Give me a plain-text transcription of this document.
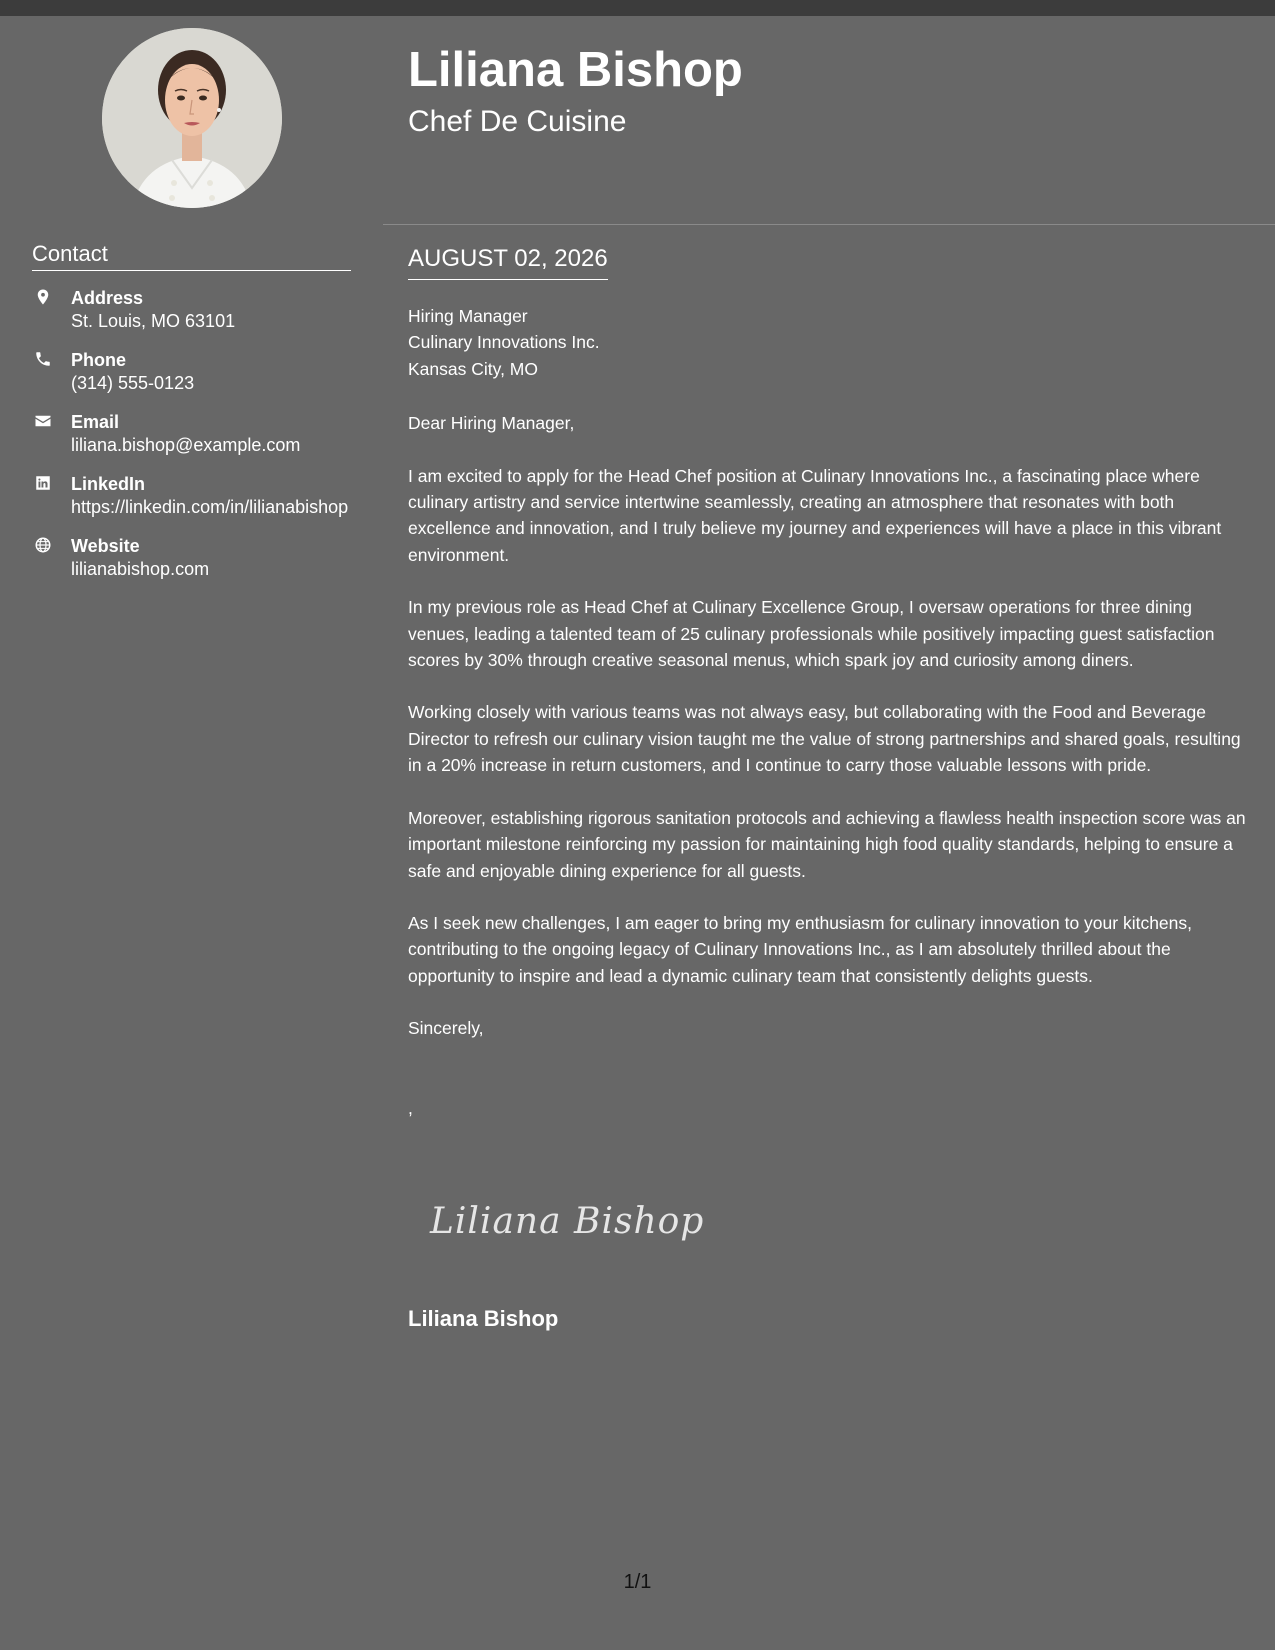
Contact
Address
St. Louis, MO 63101
Phone
(314) 555-0123
Email
liliana.bishop@example.com
LinkedIn
https://linkedin.com/in/lilianabishop
Website
lilianabishop.com
Liliana Bishop
Chef De Cuisine
AUGUST 02, 2026
Hiring Manager
Culinary Innovations Inc.
Kansas City, MO
Dear Hiring Manager,

I am excited to apply for the Head Chef position at Culinary Innovations Inc., a fascinating place where culinary artistry and service intertwine seamlessly, creating an atmosphere that resonates with both excellence and innovation, and I truly believe my journey and experiences will have a place in this vibrant environment.

In my previous role as Head Chef at Culinary Excellence Group, I oversaw operations for three dining venues, leading a talented team of 25 culinary professionals while positively impacting guest satisfaction scores by 30% through creative seasonal menus, which spark joy and curiosity among diners.

Working closely with various teams was not always easy, but collaborating with the Food and Beverage Director to refresh our culinary vision taught me the value of strong partnerships and shared goals, resulting in a 20% increase in return customers, and I continue to carry those valuable lessons with pride.

Moreover, establishing rigorous sanitation protocols and achieving a flawless health inspection score was an important milestone reinforcing my passion for maintaining high food quality standards, helping to ensure a safe and enjoyable dining experience for all guests.

As I seek new challenges, I am eager to bring my enthusiasm for culinary innovation to your kitchens, contributing to the ongoing legacy of Culinary Innovations Inc., as I am absolutely thrilled about the opportunity to inspire and lead a dynamic culinary team that consistently delights guests.

Sincerely,
,
Liliana Bishop
Liliana Bishop
1/1
